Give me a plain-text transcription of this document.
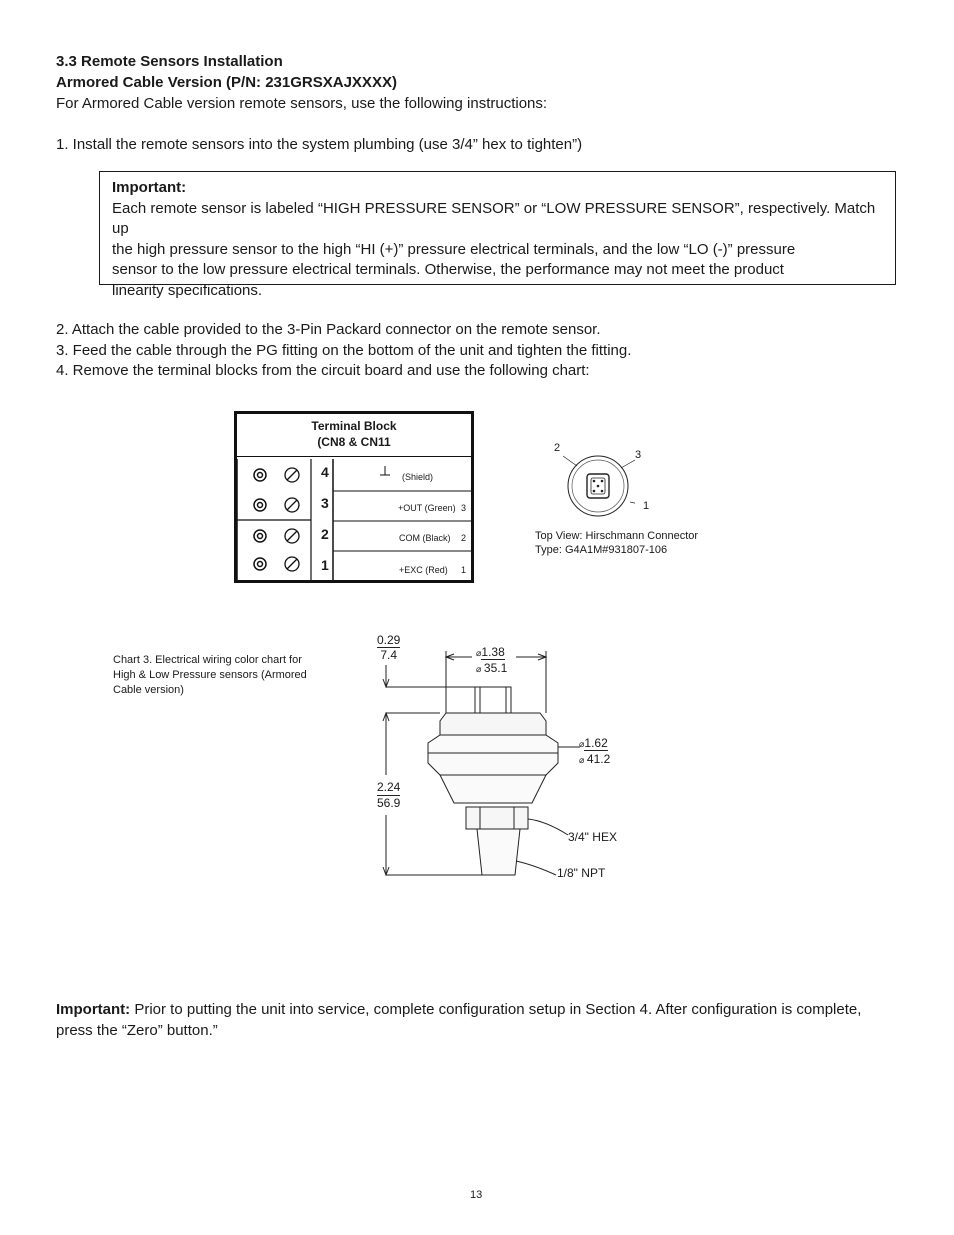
3.3 Remote Sensors Installation
Armored Cable Version (P/N: 231GRSXAJXXXX)
For Armored Cable version remote sensors, use the following instructions:
1. Install the remote sensors into the system plumbing (use 3/4” hex to tighten”)
Important:
Each remote sensor is labeled “HIGH PRESSURE SENSOR” or “LOW PRESSURE SENSOR”, respectively. Match up
the high pressure sensor to the high “HI (+)” pressure electrical terminals, and the low “LO (-)” pressure
sensor to the low pressure electrical terminals. Otherwise, the performance may not meet the product
linearity specifications.
2. Attach the cable provided to the 3-Pin Packard connector on the remote sensor.
3. Feed the cable through the PG fitting on the bottom of the unit and tighten the fitting.
4. Remove the terminal blocks from the circuit board and use the following chart:
Terminal Block
(CN8 & CN11
4
3
2
1
(Shield)
+OUT (Green) 3
COM (Black) 2
+EXC (Red) 1
2
3
1
Top View: Hirschmann Connector
Type: G4A1M#931807-106
Chart 3. Electrical wiring color chart for
High & Low Pressure sensors (Armored
Cable version)
0.29
7.4	⌀1.38
⌀ 35.1
⌀1.62
⌀ 41.2
2.24
56.9
3/4" HEX
1/8" NPT
Important: Prior to putting the unit into service, complete configuration setup in Section 4. After configuration is complete, press the “Zero” button.”
13
